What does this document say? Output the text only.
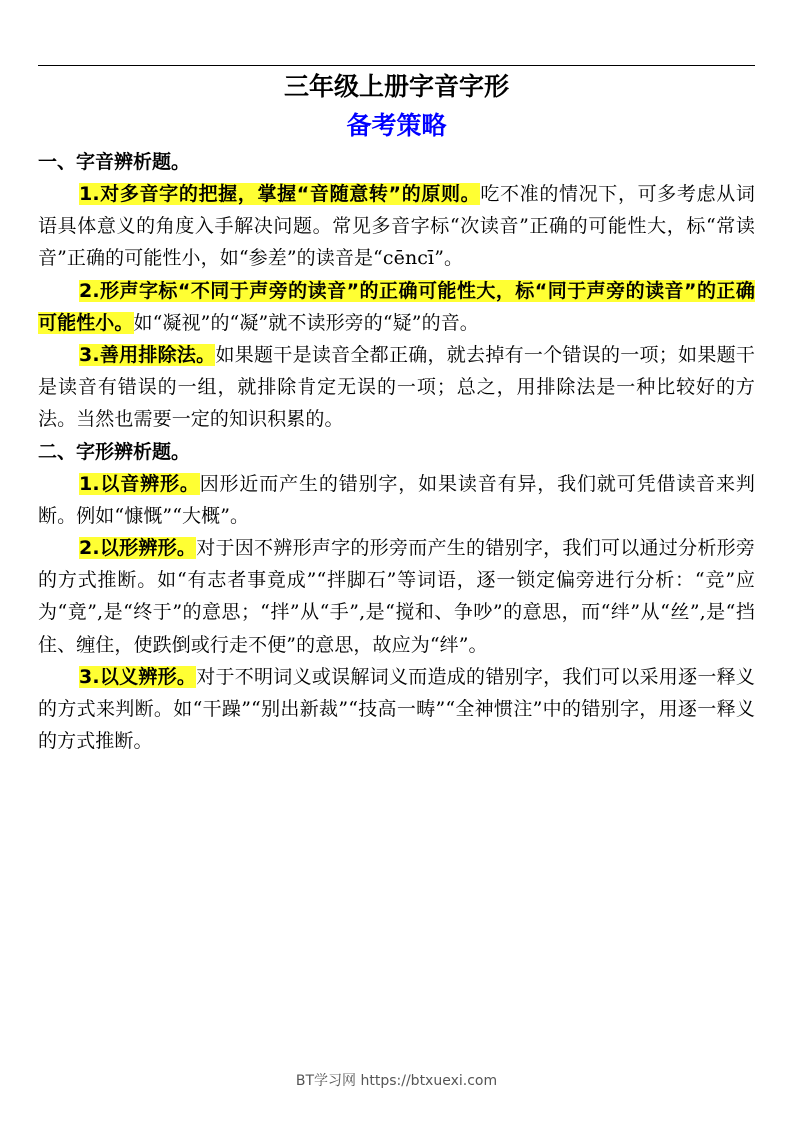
三年级上册字音字形
备考策略

一、字音辨析题。

1.对多音字的把握，掌握“音随意转”的原则。吃不准的情况下，可多考虑从词语具体意义的角度入手解决问题。常见多音字标“次读音”正确的可能性大，标“常读音”正确的可能性小，如“参差”的读音是“cēncī”。

2.形声字标“不同于声旁的读音”的正确可能性大，标“同于声旁的读音”的正确可能性小。如“凝视”的“凝”就不读形旁的“疑”的音。

3.善用排除法。如果题干是读音全都正确，就去掉有一个错误的一项；如果题干是读音有错误的一组，就排除肯定无误的一项；总之，用排除法是一种比较好的方法。当然也需要一定的知识积累的。

二、字形辨析题。

1.以音辨形。因形近而产生的错别字，如果读音有异，我们就可凭借读音来判断。例如“慷慨”“大概”。

2.以形辨形。对于因不辨形声字的形旁而产生的错别字，我们可以通过分析形旁的方式推断。如“有志者事竟成”“拌脚石”等词语，逐一锁定偏旁进行分析：“竞”应为“竟”,是“终于”的意思；“拌”从“手”,是“搅和、争吵”的意思，而“绊”从“丝”,是“挡住、缠住，使跌倒或行走不便”的意思，故应为“绊”。

3.以义辨形。对于不明词义或误解词义而造成的错别字，我们可以采用逐一释义的方式来判断。如“干躁”“别出新裁”“技高一畴”“全神惯注”中的错别字，用逐一释义的方式推断。

BT学习网 https://btxuexi.com
